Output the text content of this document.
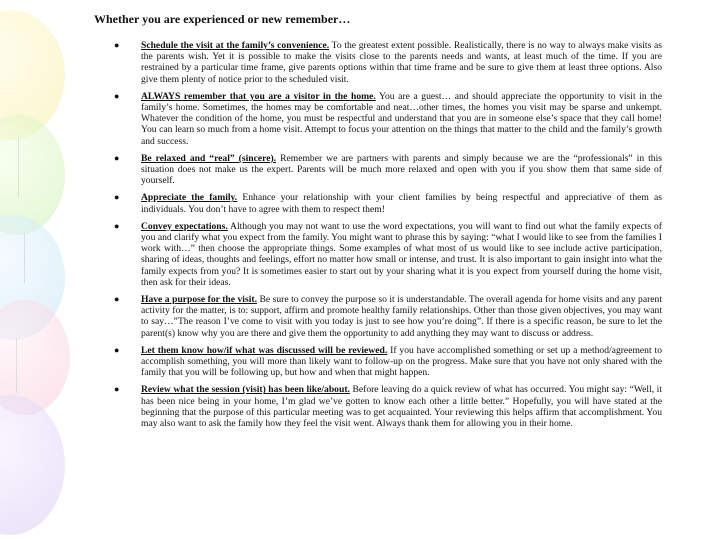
Whether you are experienced or new remember…
● Schedule the visit at the family’s convenience. To the greatest extent possible. Realistically, there is no way to always make visits as the parents wish. Yet it is possible to make the visits close to the parents needs and wants, at least much of the time. If you are restrained by a particular time frame, give parents options within that time frame and be sure to give them at least three options. Also give them plenty of notice prior to the scheduled visit.
● ALWAYS remember that you are a visitor in the home. You are a guest… and should appreciate the opportunity to visit in the family’s home. Sometimes, the homes may be comfortable and neat…other times, the homes you visit may be sparse and unkempt. Whatever the condition of the home, you must be respectful and understand that you are in someone else’s space that they call home! You can learn so much from a home visit. Attempt to focus your attention on the things that matter to the child and the family’s growth and success.
● Be relaxed and “real” (sincere). Remember we are partners with parents and simply because we are the “professionals” in this situation does not make us the expert. Parents will be much more relaxed and open with you if you show them that same side of yourself.
● Appreciate the family. Enhance your relationship with your client families by being respectful and appreciative of them as individuals. You don’t have to agree with them to respect them!
● Convey expectations. Although you may not want to use the word expectations, you will want to find out what the family expects of you and clarify what you expect from the family. You might want to phrase this by saying: “what I would like to see from the families I work with…” then choose the appropriate things. Some examples of what most of us would like to see include active participation, sharing of ideas, thoughts and feelings, effort no matter how small or intense, and trust. It is also important to gain insight into what the family expects from you? It is sometimes easier to start out by your sharing what it is you expect from yourself during the home visit, then ask for their ideas.
● Have a purpose for the visit. Be sure to convey the purpose so it is understandable. The overall agenda for home visits and any parent activity for the matter, is to: support, affirm and promote healthy family relationships. Other than those given objectives, you may want to say…”The reason I’ve come to visit with you today is just to see how you’re doing”. If there is a specific reason, be sure to let the parent(s) know why you are there and give them the opportunity to add anything they may want to discuss or address.
● Let them know how/if what was discussed will be reviewed. If you have accomplished something or set up a method/agreement to accomplish something, you will more than likely want to follow-up on the progress. Make sure that you have not only shared with the family that you will be following up, but how and when that might happen.
● Review what the session (visit) has been like/about. Before leaving do a quick review of what has occurred. You might say: “Well, it has been nice being in your home, I’m glad we’ve gotten to know each other a little better.” Hopefully, you will have stated at the beginning that the purpose of this particular meeting was to get acquainted. Your reviewing this helps affirm that accomplishment. You may also want to ask the family how they feel the visit went. Always thank them for allowing you in their home.
